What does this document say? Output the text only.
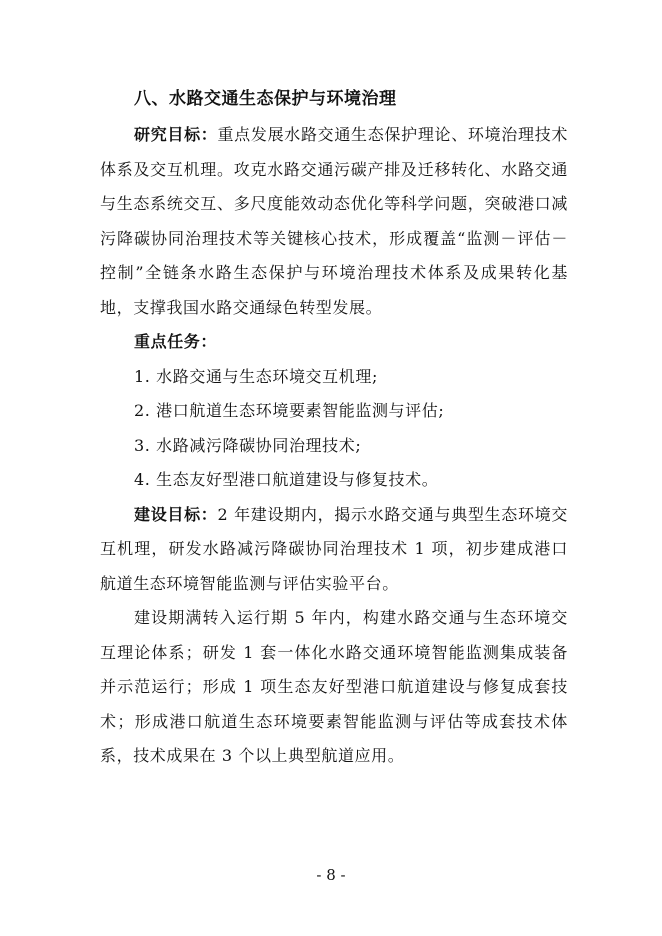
八、水路交通生态保护与环境治理

研究目标：重点发展水路交通生态保护理论、环境治理技术体系及交互机理。攻克水路交通污碳产排及迁移转化、水路交通与生态系统交互、多尺度能效动态优化等科学问题，突破港口减污降碳协同治理技术等关键核心技术，形成覆盖“监测－评估－控制”全链条水路生态保护与环境治理技术体系及成果转化基地，支撑我国水路交通绿色转型发展。

重点任务：

1. 水路交通与生态环境交互机理;

2. 港口航道生态环境要素智能监测与评估;

3. 水路减污降碳协同治理技术;

4. 生态友好型港口航道建设与修复技术。

建设目标：2 年建设期内，揭示水路交通与典型生态环境交互机理，研发水路减污降碳协同治理技术 1 项，初步建成港口航道生态环境智能监测与评估实验平台。

建设期满转入运行期 5 年内，构建水路交通与生态环境交互理论体系；研发 1 套一体化水路交通环境智能监测集成装备并示范运行；形成 1 项生态友好型港口航道建设与修复成套技术；形成港口航道生态环境要素智能监测与评估等成套技术体系，技术成果在 3 个以上典型航道应用。

- 8 -
